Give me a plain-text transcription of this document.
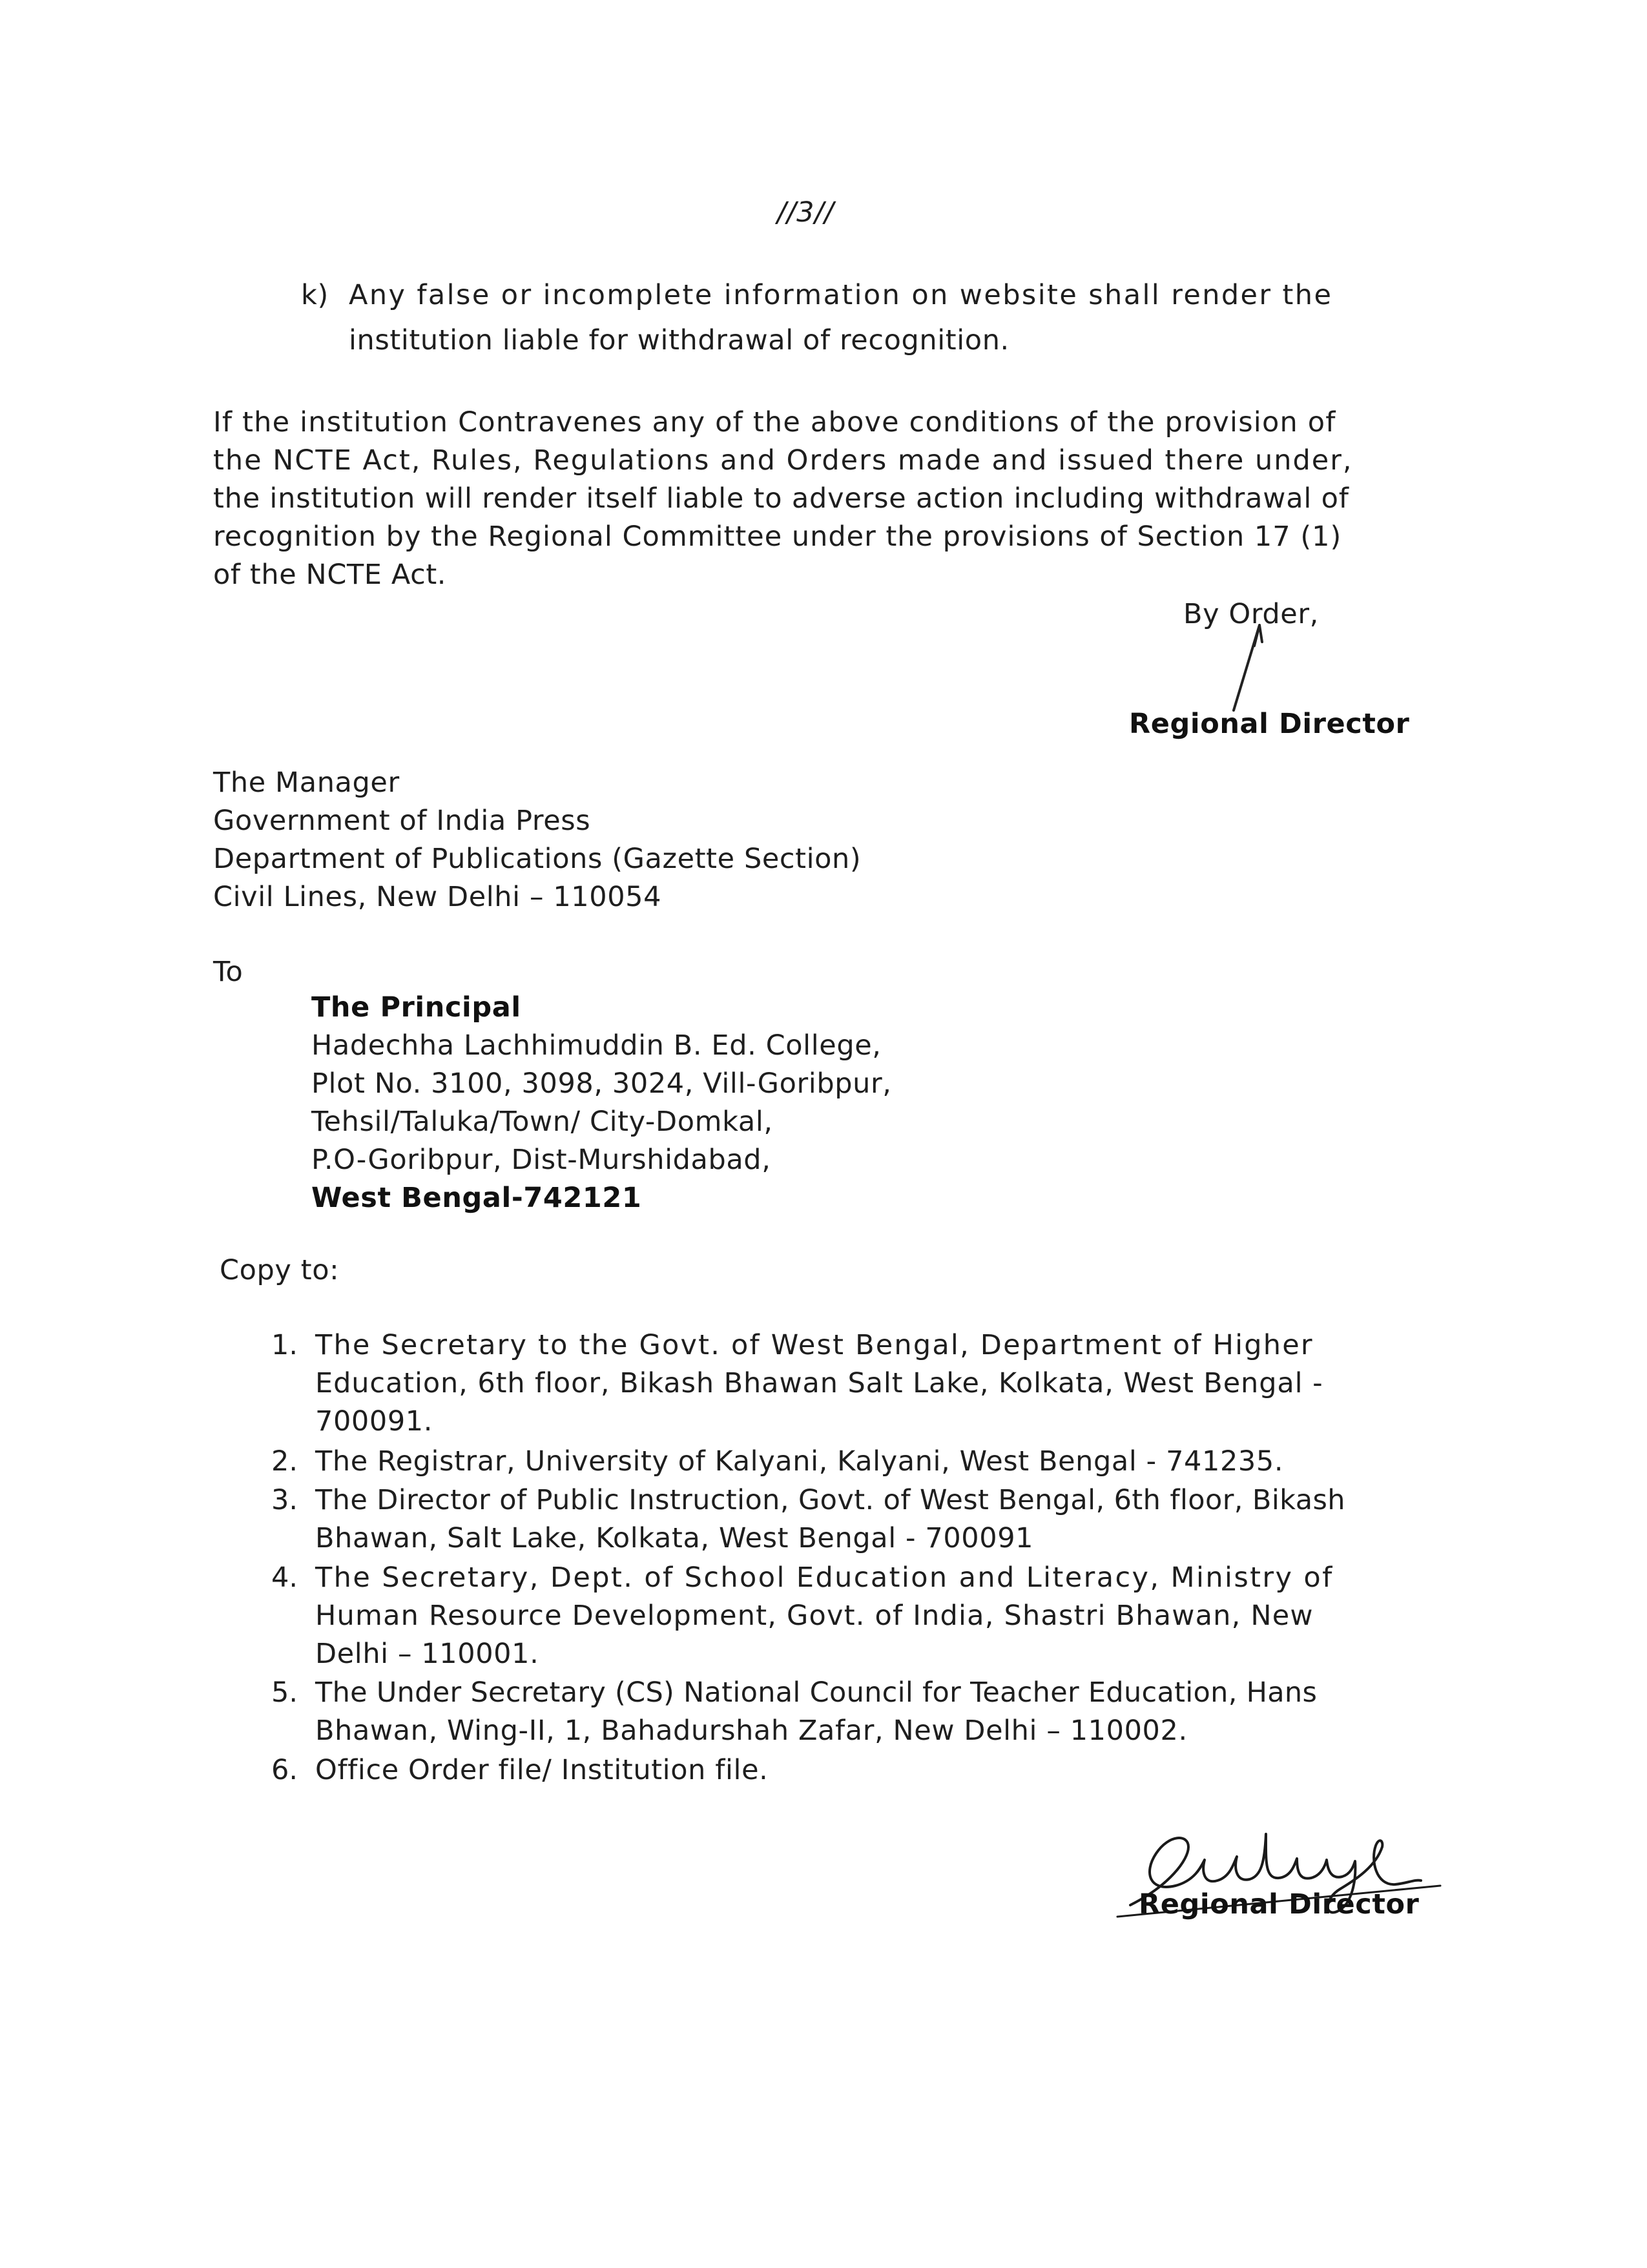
//3//
k) Any false or incomplete information on website shall render the
institution liable for withdrawal of recognition.
If the institution Contravenes any of the above conditions of the provision of
the NCTE Act, Rules, Regulations and Orders made and issued there under,
the institution will render itself liable to adverse action including withdrawal of
recognition by the Regional Committee under the provisions of Section 17 (1)
of the NCTE Act.
By Order,
Regional Director
The Manager
Government of India Press
Department of Publications (Gazette Section)
Civil Lines, New Delhi – 110054
To
The Principal
Hadechha Lachhimuddin B. Ed. College,
Plot No. 3100, 3098, 3024, Vill-Goribpur,
Tehsil/Taluka/Town/ City-Domkal,
P.O-Goribpur, Dist-Murshidabad,
West Bengal-742121
Copy to:
1. The Secretary to the Govt. of West Bengal, Department of Higher
Education, 6th floor, Bikash Bhawan Salt Lake, Kolkata, West Bengal -
700091.
2. The Registrar, University of Kalyani, Kalyani, West Bengal - 741235.
3. The Director of Public Instruction, Govt. of West Bengal, 6th floor, Bikash
Bhawan, Salt Lake, Kolkata, West Bengal - 700091
4. The Secretary, Dept. of School Education and Literacy, Ministry of
Human Resource Development, Govt. of India, Shastri Bhawan, New
Delhi – 110001.
5. The Under Secretary (CS) National Council for Teacher Education, Hans
Bhawan, Wing-II, 1, Bahadurshah Zafar, New Delhi – 110002.
6. Office Order file/ Institution file.
Regional Director
